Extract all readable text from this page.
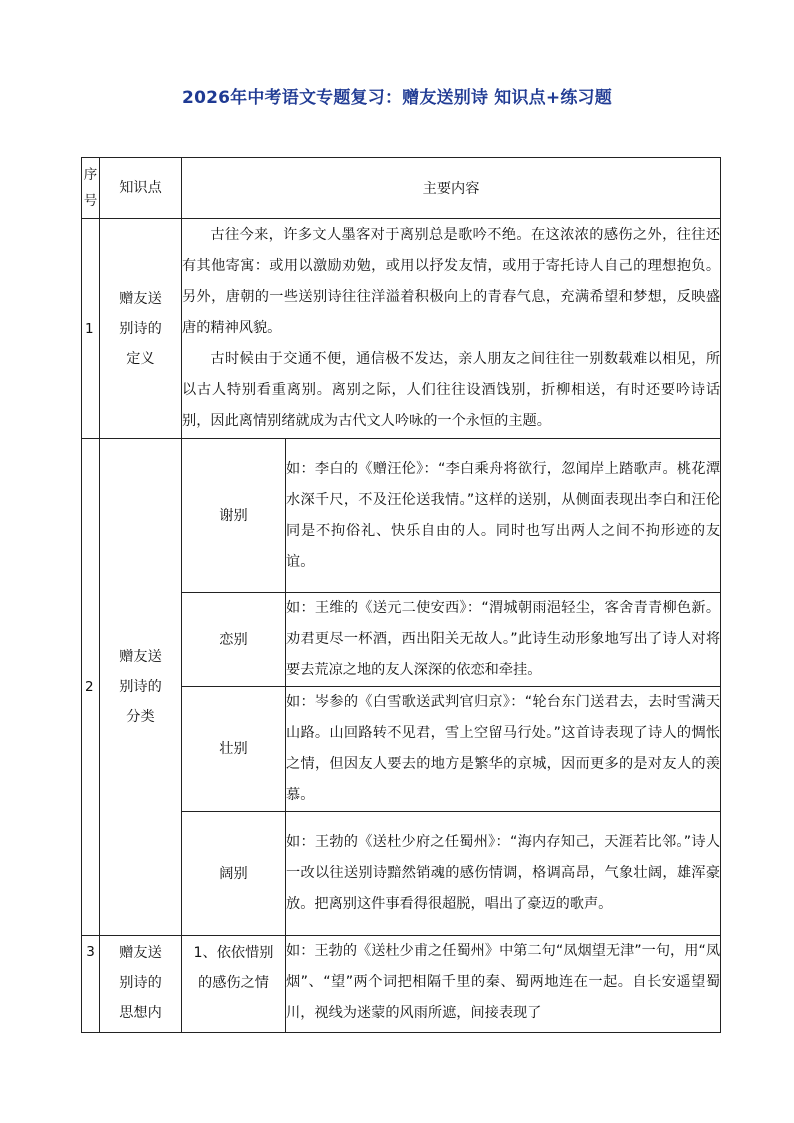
2026年中考语文专题复习：赠友送别诗 知识点+练习题
序号	知识点	主要内容	
1	赠友送别诗的定义	古往今来，许多文人墨客对于离别总是歌吟不绝。在这浓浓的感伤之外，往往还有其他寄寓：或用以激励劝勉，或用以抒发友情，或用于寄托诗人自己的理想抱负。另外，唐朝的一些送别诗往往洋溢着积极向上的青春气息，充满希望和梦想，反映盛唐的精神风貌。

古时候由于交通不便，通信极不发达，亲人朋友之间往往一别数载难以相见，所以古人特别看重离别。离别之际，人们往往设酒饯别，折柳相送，有时还要吟诗话别，因此离情别绪就成为古代文人吟咏的一个永恒的主题。	

2	赠友送别诗的分类	谢别	如：李白的《赠汪伦》：“李白乘舟将欲行，忽闻岸上踏歌声。桃花潭水深千尺，不及汪伦送我情。”这样的送别，从侧面表现出李白和汪伦同是不拘俗礼、快乐自由的人。同时也写出两人之间不拘形迹的友谊。
		恋别	如：王维的《送元二使安西》：“渭城朝雨浥轻尘，客舍青青柳色新。劝君更尽一杯酒，西出阳关无故人。”此诗生动形象地写出了诗人对将要去荒凉之地的友人深深的依恋和牵挂。
		壮别	如：岑参的《白雪歌送武判官归京》：“轮台东门送君去，去时雪满天山路。山回路转不见君，雪上空留马行处。”这首诗表现了诗人的惆怅之情，但因友人要去的地方是繁华的京城，因而更多的是对友人的羡慕。
		阔别	如：王勃的《送杜少府之任蜀州》：“海内存知己，天涯若比邻。”诗人一改以往送别诗黯然销魂的感伤情调，格调高昂，气象壮阔，雄浑豪放。把离别这件事看得很超脱，唱出了豪迈的歌声。
3	赠友送别诗的思想内	1、依依惜别的感伤之情	如：王勃的《送杜少甫之任蜀州》中第二句“凤烟望无津”一句，用“凤烟”、“望”两个词把相隔千里的秦、蜀两地连在一起。自长安遥望蜀川，视线为迷蒙的风雨所遮，间接表现了
